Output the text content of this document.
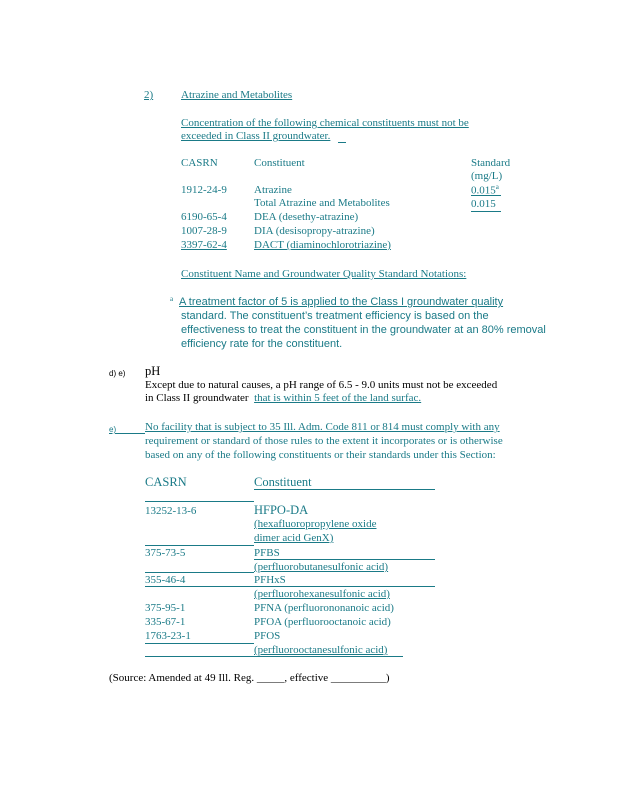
2)	Atrazine and Metabolites
Concentration of the following chemical constituents must not be
exceeded in Class II groundwater.
CASRN	Constituent	Standard
(mg/L)
1912-24-9 Atrazine	0.015$^a$
Total Atrazine and Metabolites	0.015
6190-65-4 DEA (desethy-atrazine)
1007-28-9 DIA (desisopropy-atrazine)
3397-62-4 DACT (diaminochlorotriazine)
Constituent Name and Groundwater Quality Standard Notations:
$^a$ A treatment factor of 5 is applied to the Class I groundwater quality
standard. The constituent’s treatment efficiency is based on the
effectiveness to treat the constituent in the groundwater at an 80% removal
efficiency rate for the constituent.
d) e) pH
Except due to natural causes, a pH range of 6.5 - 9.0 units must not be exceeded
in Class II groundwater that is within 5 feet of the land surfac.
e)	No facility that is subject to 35 Ill. Adm. Code 811 or 814 must comply with any
requirement or standard of those rules to the extent it incorporates or is otherwise
based on any of the following constituents or their standards under this Section:
CASRN	Constituent
13252-13-6	HFPO-DA
(hexafluoropropylene oxide
dimer acid GenX)
375-73-5	PFBS
(perfluorobutanesulfonic acid)
355-46-4	PFHxS
(perfluorohexanesulfonic acid)
375-95-1	PFNA (perfluorononanoic acid)
335-67-1	PFOA (perfluorooctanoic acid)
1763-23-1	PFOS
(perfluorooctanesulfonic acid)
(Source: Amended at 49 Ill. Reg. _____, effective __________)
